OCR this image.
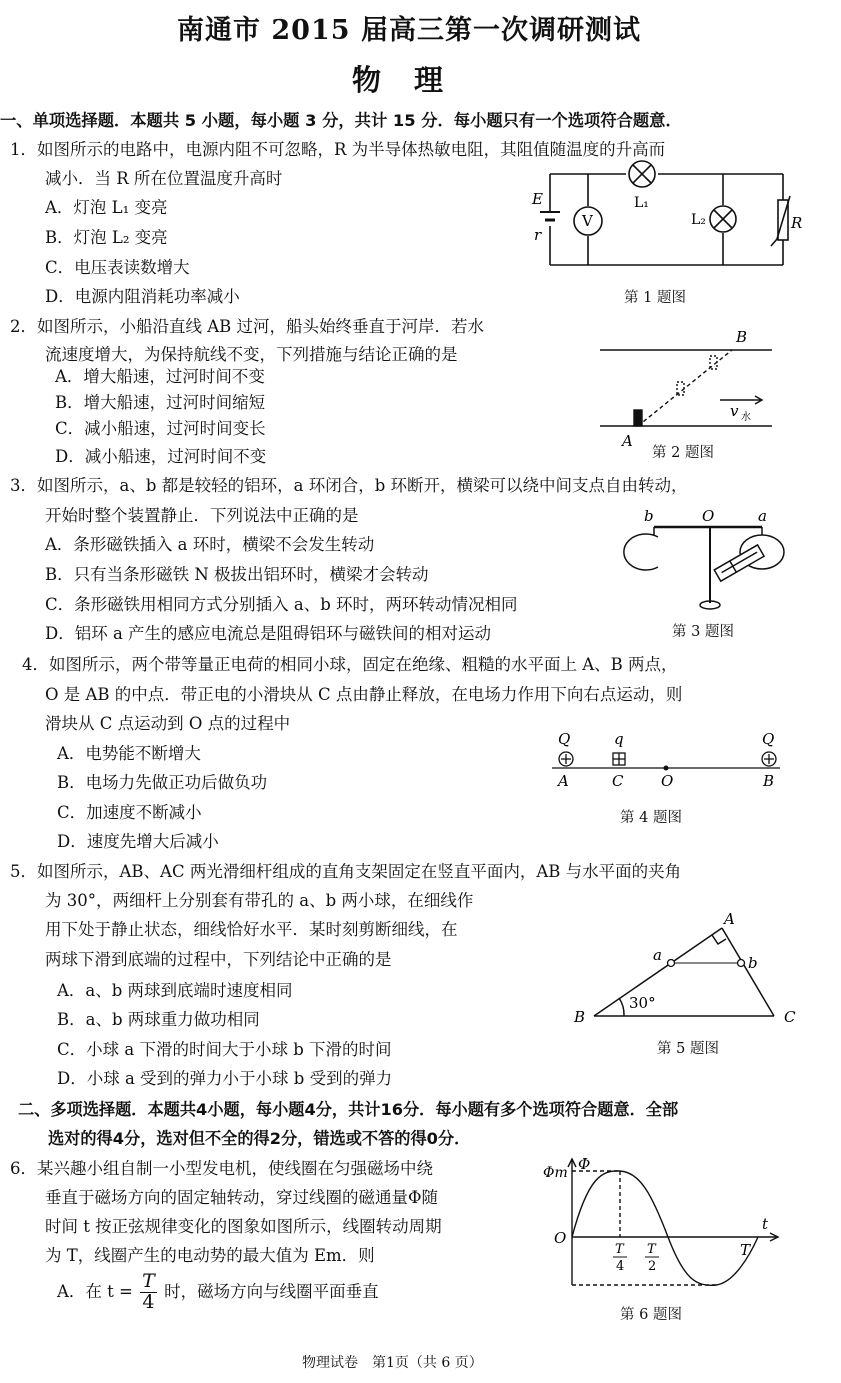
南通市 2015 届高三第一次调研测试
物　理
一、单项选择题．本题共 5 小题，每小题 3 分，共计 15 分．每小题只有一个选项符合题意．
1．如图所示的电路中，电源内阻不可忽略，R 为半导体热敏电阻，其阻值随温度的升高而
减小．当 R 所在位置温度升高时
A．灯泡 L₁ 变亮
B．灯泡 L₂ 变亮
C．电压表读数增大
D．电源内阻消耗功率减小
E
r
V
L₁
L₂	R
第 1 题图
2．如图所示，小船沿直线 AB 过河，船头始终垂直于河岸．若水
流速度增大，为保持航线不变，下列措施与结论正确的是
A．增大船速，过河时间不变
B．增大船速，过河时间缩短
C．减小船速，过河时间变长
D．减小船速，过河时间不变
B
A
v 水
第 2 题图
3．如图所示，a、b 都是较轻的铝环，a 环闭合，b 环断开，横梁可以绕中间支点自由转动，
开始时整个装置静止．下列说法中正确的是
A．条形磁铁插入 a 环时，横梁不会发生转动
B．只有当条形磁铁 N 极拔出铝环时，横梁才会转动
C．条形磁铁用相同方式分别插入 a、b 环时，两环转动情况相同
D．铝环 a 产生的感应电流总是阻碍铝环与磁铁间的相对运动
b	O	a
第 3 题图
4．如图所示，两个带等量正电荷的相同小球，固定在绝缘、粗糙的水平面上 A、B 两点，
O 是 AB 的中点．带正电的小滑块从 C 点由静止释放，在电场力作用下向右点运动，则
滑块从 C 点运动到 O 点的过程中
A．电势能不断增大
B．电场力先做正功后做负功
C．加速度不断减小
D．速度先增大后减小
Q	q	Q
A	C	O	B
第 4 题图
5．如图所示，AB、AC 两光滑细杆组成的直角支架固定在竖直平面内，AB 与水平面的夹角
为 30°，两细杆上分别套有带孔的 a、b 两小球，在细线作
用下处于静止状态，细线恰好水平．某时刻剪断细线，在
两球下滑到底端的过程中，下列结论中正确的是
A．a、b 两球到底端时速度相同
B．a、b 两球重力做功相同
C．小球 a 下滑的时间大于小球 b 下滑的时间
D．小球 a 受到的弹力小于小球 b 受到的弹力
A
a	b
B	C
30°
第 5 题图
二、多项选择题．本题共4小题，每小题4分，共计16分．每小题有多个选项符合题意．全部
选对的得4分，选对但不全的得2分，错选或不答的得0分．
6．某兴趣小组自制一小型发电机，使线圈在匀强磁场中绕
垂直于磁场方向的固定轴转动，穿过线圈的磁通量Φ随
时间 t 按正弦规律变化的图象如图所示，线圈转动周期
为 T，线圈产生的电动势的最大值为 Em．则
A．在 $t = \frac{T}{4}$ 时，磁场方向与线圈平面垂直
Φ
Φm
O
t
T
4
T
2
T
第 6 题图
物理试卷　第1页（共 6 页）
